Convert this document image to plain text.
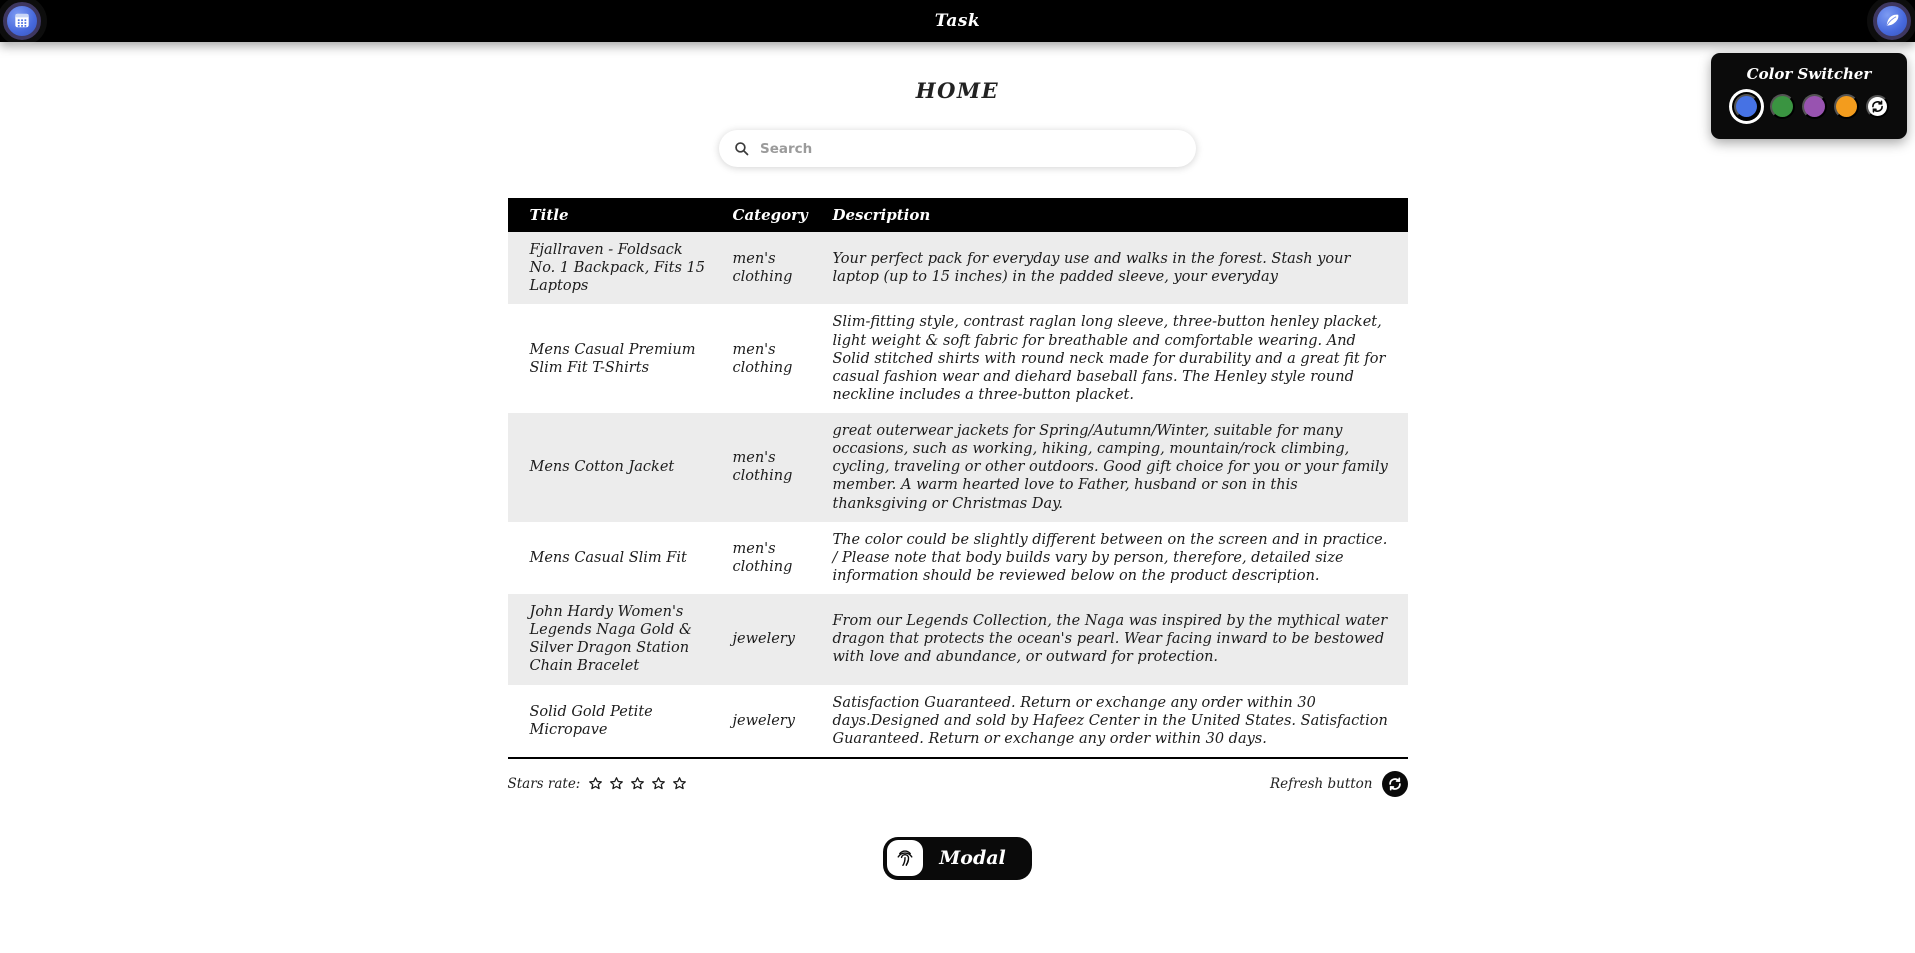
Task
Color Switcher
HOME
Search
Title	Category	Description
Fjallraven - Foldsack No. 1 Backpack, Fits 15 Laptops	men's clothing	Your perfect pack for everyday use and walks in the forest. Stash your laptop (up to 15 inches) in the padded sleeve, your everyday
Mens Casual Premium Slim Fit T-Shirts	men's clothing	Slim-fitting style, contrast raglan long sleeve, three-button henley placket, light weight & soft fabric for breathable and comfortable wearing. And Solid stitched shirts with round neck made for durability and a great fit for casual fashion wear and diehard baseball fans. The Henley style round neckline includes a three-button placket.
Mens Cotton Jacket	men's clothing	great outerwear jackets for Spring/Autumn/Winter, suitable for many occasions, such as working, hiking, camping, mountain/rock climbing, cycling, traveling or other outdoors. Good gift choice for you or your family member. A warm hearted love to Father, husband or son in this thanksgiving or Christmas Day.
Mens Casual Slim Fit	men's clothing	The color could be slightly different between on the screen and in practice. / Please note that body builds vary by person, therefore, detailed size information should be reviewed below on the product description.
John Hardy Women's Legends Naga Gold & Silver Dragon Station Chain Bracelet	jewelery	From our Legends Collection, the Naga was inspired by the mythical water dragon that protects the ocean's pearl. Wear facing inward to be bestowed with love and abundance, or outward for protection.
Solid Gold Petite Micropave	jewelery	Satisfaction Guaranteed. Return or exchange any order within 30 days.Designed and sold by Hafeez Center in the United States. Satisfaction Guaranteed. Return or exchange any order within 30 days.
Stars rate:	Refresh button
Modal
